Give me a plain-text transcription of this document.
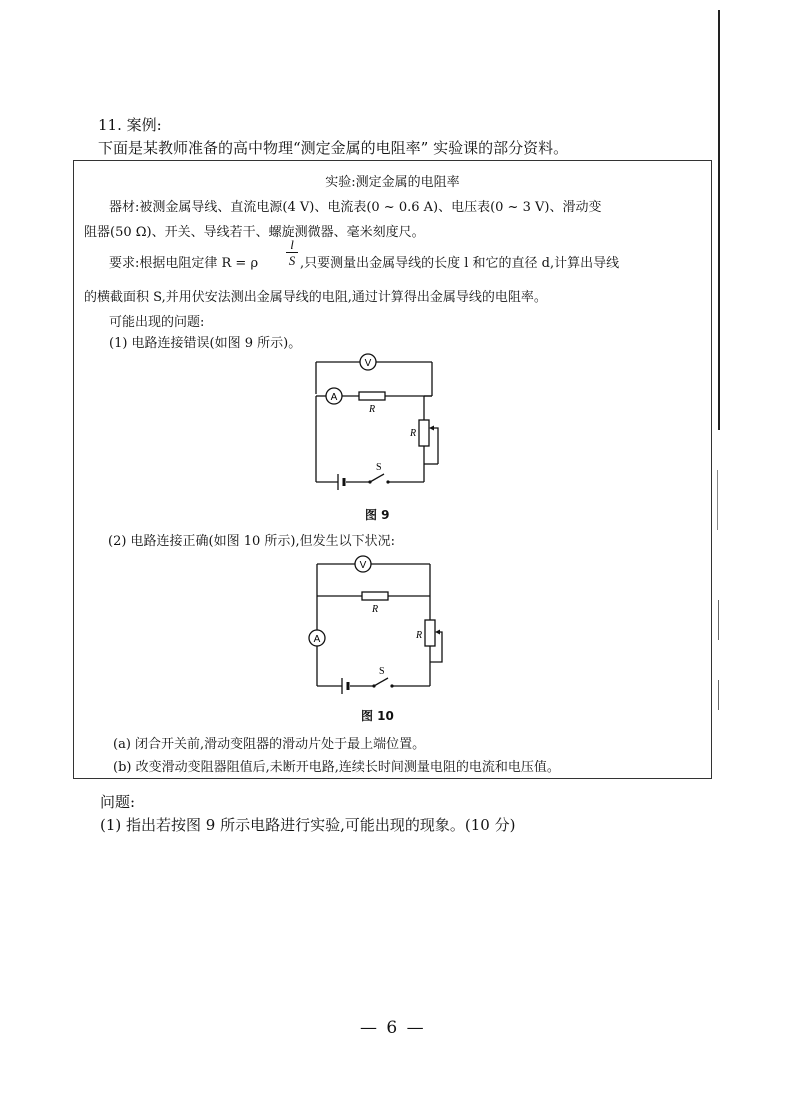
11. 案例:
下面是某教师准备的高中物理“测定金属的电阻率” 实验课的部分资料。
实验:测定金属的电阻率
器材:被测金属导线、直流电源(4 V)、电流表(0 ~ 0.6 A)、电压表(0 ~ 3 V)、滑动变
阻器(50 Ω)、开关、导线若干、螺旋测微器、毫米刻度尺。
要求:根据电阻定律 R = ρ
l
S ,只要测量出金属导线的长度 l 和它的直径 d,计算出导线
的横截面积 S,并用伏安法测出金属导线的电阻,通过计算得出金属导线的电阻率。
可能出现的问题:
(1) 电路连接错误(如图 9 所示)。
V
A
R
R
S
图 9
(2) 电路连接正确(如图 10 所示),但发生以下状况:
V
A
R
R
S
图 10
(a) 闭合开关前,滑动变阻器的滑动片处于最上端位置。
(b) 改变滑动变阻器阻值后,未断开电路,连续长时间测量电阻的电流和电压值。
问题:
(1) 指出若按图 9 所示电路进行实验,可能出现的现象。(10 分)
— 6 —
